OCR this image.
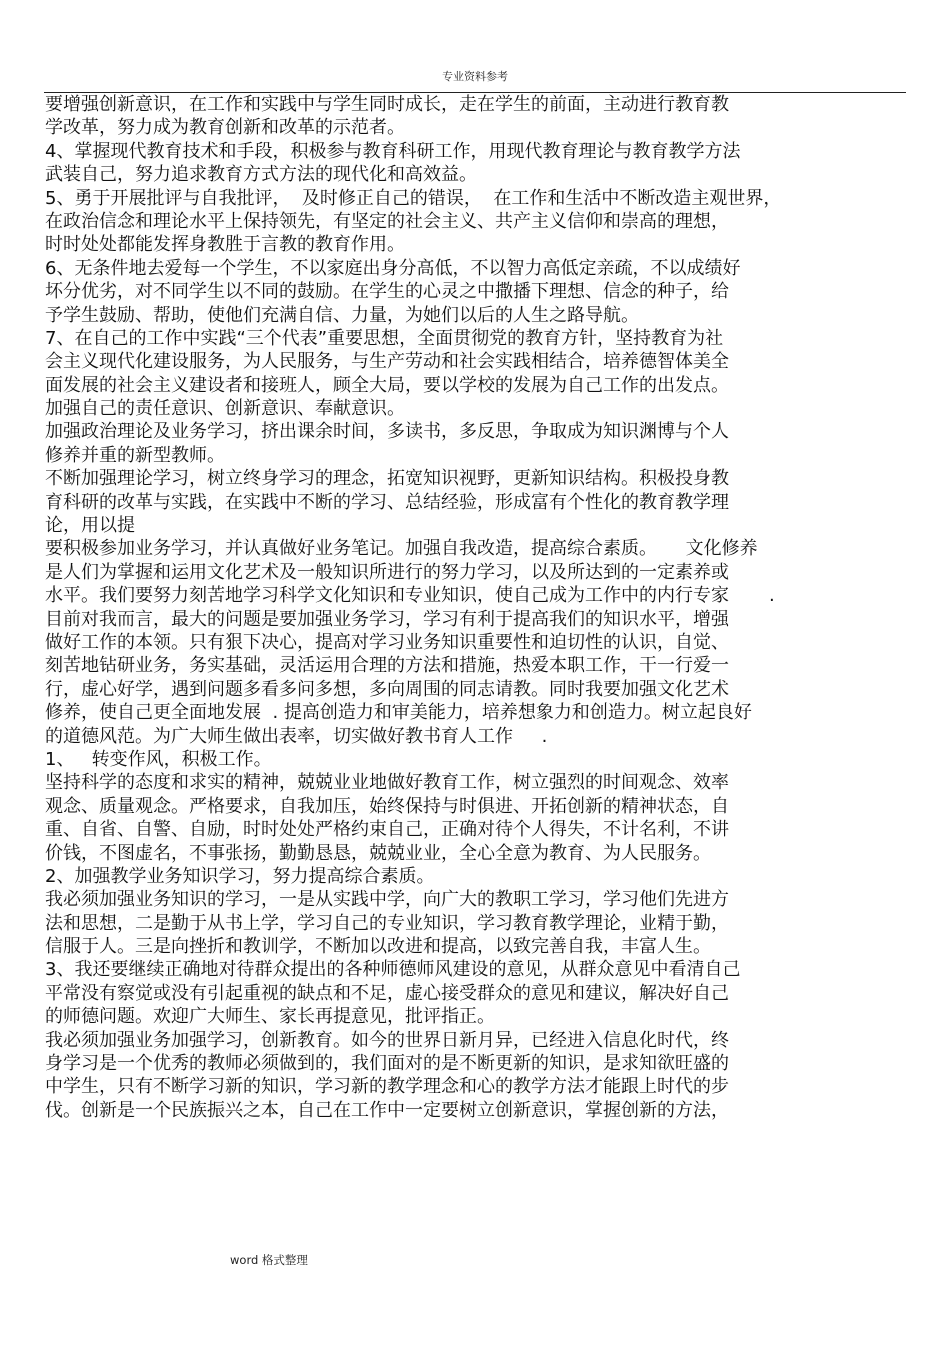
专业资料参考
要增强创新意识，在工作和实践中与学生同时成长，走在学生的前面，主动进行教育教
学改革，努力成为教育创新和改革的示范者。
4、掌握现代教育技术和手段，积极参与教育科研工作，用现代教育理论与教育教学方法
武装自己，努力追求教育方式方法的现代化和高效益。
5、勇于开展批评与自我批评，  及时修正自己的错误，  在工作和生活中不断改造主观世界，
在政治信念和理论水平上保持领先，有坚定的社会主义、共产主义信仰和崇高的理想，
时时处处都能发挥身教胜于言教的教育作用。
6、无条件地去爱每一个学生，不以家庭出身分高低，不以智力高低定亲疏，不以成绩好
坏分优劣，对不同学生以不同的鼓励。在学生的心灵之中撒播下理想、信念的种子，给
予学生鼓励、帮助，使他们充满自信、力量，为她们以后的人生之路导航。
7、在自己的工作中实践“三个代表”重要思想，全面贯彻党的教育方针，坚持教育为社
会主义现代化建设服务，为人民服务，与生产劳动和社会实践相结合，培养德智体美全
面发展的社会主义建设者和接班人，顾全大局，要以学校的发展为自己工作的出发点。
加强自己的责任意识、创新意识、奉献意识。
加强政治理论及业务学习，挤出课余时间，多读书，多反思，争取成为知识渊博与个人
修养并重的新型教师。
不断加强理论学习，树立终身学习的理念，拓宽知识视野，更新知识结构。积极投身教
育科研的改革与实践，在实践中不断的学习、总结经验，形成富有个性化的教育教学理
论，用以提
要积极参加业务学习，并认真做好业务笔记。加强自我改造，提高综合素质。     文化修养
是人们为掌握和运用文化艺术及一般知识所进行的努力学习，以及所达到的一定素养或
水平。我们要努力刻苦地学习科学文化知识和专业知识，使自己成为工作中的内行专家       .
目前对我而言，最大的问题是要加强业务学习，学习有利于提高我们的知识水平，增强
做好工作的本领。只有狠下决心，提高对学习业务知识重要性和迫切性的认识，自觉、
刻苦地钻研业务，务实基础，灵活运用合理的方法和措施，热爱本职工作，干一行爱一
行，虚心好学，遇到问题多看多问多想，多向周围的同志请教。同时我要加强文化艺术
修养，使自己更全面地发展  . 提高创造力和审美能力，培养想象力和创造力。树立起良好
的道德风范。为广大师生做出表率，切实做好教书育人工作     .
1、   转变作风，积极工作。
坚持科学的态度和求实的精神，兢兢业业地做好教育工作，树立强烈的时间观念、效率
观念、质量观念。严格要求，自我加压，始终保持与时俱进、开拓创新的精神状态，自
重、自省、自警、自励，时时处处严格约束自己，正确对待个人得失，不计名利，不讲
价钱，不图虚名，不事张扬，勤勤恳恳，兢兢业业，全心全意为教育、为人民服务。
2、加强教学业务知识学习，努力提高综合素质。
我必须加强业务知识的学习，一是从实践中学，向广大的教职工学习，学习他们先进方
法和思想，二是勤于从书上学，学习自己的专业知识，学习教育教学理论，业精于勤，
信服于人。三是向挫折和教训学，不断加以改进和提高，以致完善自我，丰富人生。
3、我还要继续正确地对待群众提出的各种师德师风建设的意见，从群众意见中看清自己
平常没有察觉或没有引起重视的缺点和不足，虚心接受群众的意见和建议，解决好自己
的师德问题。欢迎广大师生、家长再提意见，批评指正。
我必须加强业务加强学习，创新教育。如今的世界日新月异，已经进入信息化时代，终
身学习是一个优秀的教师必须做到的，我们面对的是不断更新的知识，是求知欲旺盛的
中学生，只有不断学习新的知识，学习新的教学理念和心的教学方法才能跟上时代的步
伐。创新是一个民族振兴之本，自己在工作中一定要树立创新意识，掌握创新的方法，
word 格式整理
